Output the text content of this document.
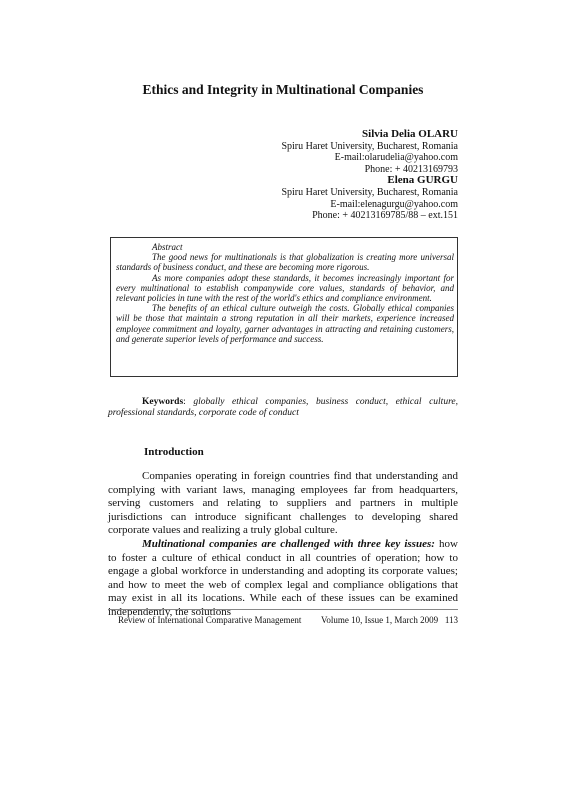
Ethics and Integrity in Multinational Companies
Silvia Delia OLARU
Spiru Haret University, Bucharest, Romania
E-mail:olarudelia@yahoo.com
Phone: + 40213169793
Elena GURGU
Spiru Haret University, Bucharest, Romania
E-mail:elenagurgu@yahoo.com
Phone: + 40213169785/88 – ext.151

Abstract

The good news for multinationals is that globalization is creating more universal standards of business conduct, and these are becoming more rigorous.

As more companies adopt these standards, it becomes increasingly important for every multinational to establish companywide core values, standards of behavior, and relevant policies in tune with the rest of the world's ethics and compliance environment.

The benefits of an ethical culture outweigh the costs. Globally ethical companies will be those that maintain a strong reputation in all their markets, experience increased employee commitment and loyalty, garner advantages in attracting and retaining customers, and generate superior levels of performance and success.

Keywords: globally ethical companies, business conduct, ethical culture, professional standards, corporate code of conduct
Introduction

Companies operating in foreign countries find that understanding and complying with variant laws, managing employees far from headquarters, serving customers and relating to suppliers and partners in multiple jurisdictions can introduce significant challenges to developing shared corporate values and realizing a truly global culture.

Multinational companies are challenged with three key issues: how to foster a culture of ethical conduct in all countries of operation; how to engage a global workforce in understanding and adopting its corporate values; and how to meet the web of complex legal and compliance obligations that may exist in all its locations. While each of these issues can be examined independently, the solutions

Review of International Comparative Management Volume 10, Issue 1, March 2009 113
